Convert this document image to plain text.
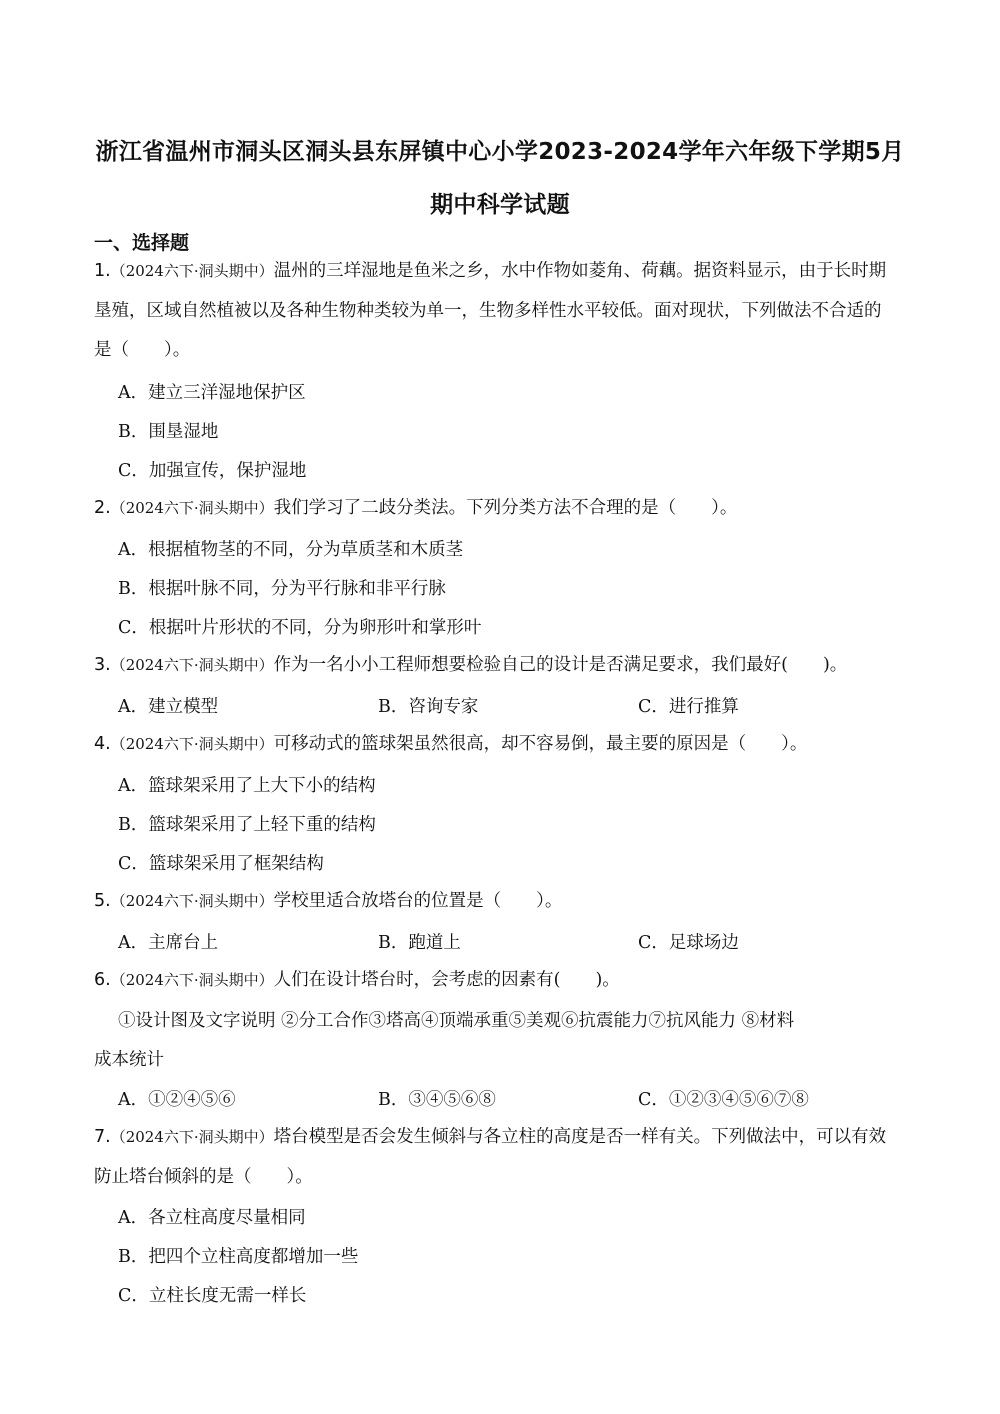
浙江省温州市洞头区洞头县东屏镇中心小学2023-2024学年六年级下学期5月
期中科学试题
一、选择题
1.（2024六下·洞头期中）温州的三垟湿地是鱼米之乡，水中作物如菱角、荷藕。据资料显示，由于长时期垦殖，区域自然植被以及各种生物种类较为单一，生物多样性水平较低。面对现状，下列做法不合适的是（　　）。
A．建立三洋湿地保护区
B．围垦湿地
C．加强宣传，保护湿地
2.（2024六下·洞头期中）我们学习了二歧分类法。下列分类方法不合理的是（　　）。
A．根据植物茎的不同，分为草质茎和木质茎
B．根据叶脉不同，分为平行脉和非平行脉
C．根据叶片形状的不同，分为卵形叶和掌形叶
3.（2024六下·洞头期中）作为一名小小工程师想要检验自己的设计是否满足要求，我们最好(　　)。
A．建立模型	B．咨询专家	C．进行推算
4.（2024六下·洞头期中）可移动式的篮球架虽然很高，却不容易倒，最主要的原因是（　　）。
A．篮球架采用了上大下小的结构
B．篮球架采用了上轻下重的结构
C．篮球架采用了框架结构
5.（2024六下·洞头期中）学校里适合放塔台的位置是（　　）。
A．主席台上	B．跑道上	C．足球场边
6.（2024六下·洞头期中）人们在设计塔台时，会考虑的因素有(　　)。
①设计图及文字说明 ②分工合作③塔高④顶端承重⑤美观⑥抗震能力⑦抗风能力 ⑧材料
成本统计
A．①②④⑤⑥	B．③④⑤⑥⑧	C．①②③④⑤⑥⑦⑧
7.（2024六下·洞头期中）塔台模型是否会发生倾斜与各立柱的高度是否一样有关。下列做法中，可以有效防止塔台倾斜的是（　　）。
A．各立柱高度尽量相同
B．把四个立柱高度都增加一些
C．立柱长度无需一样长
